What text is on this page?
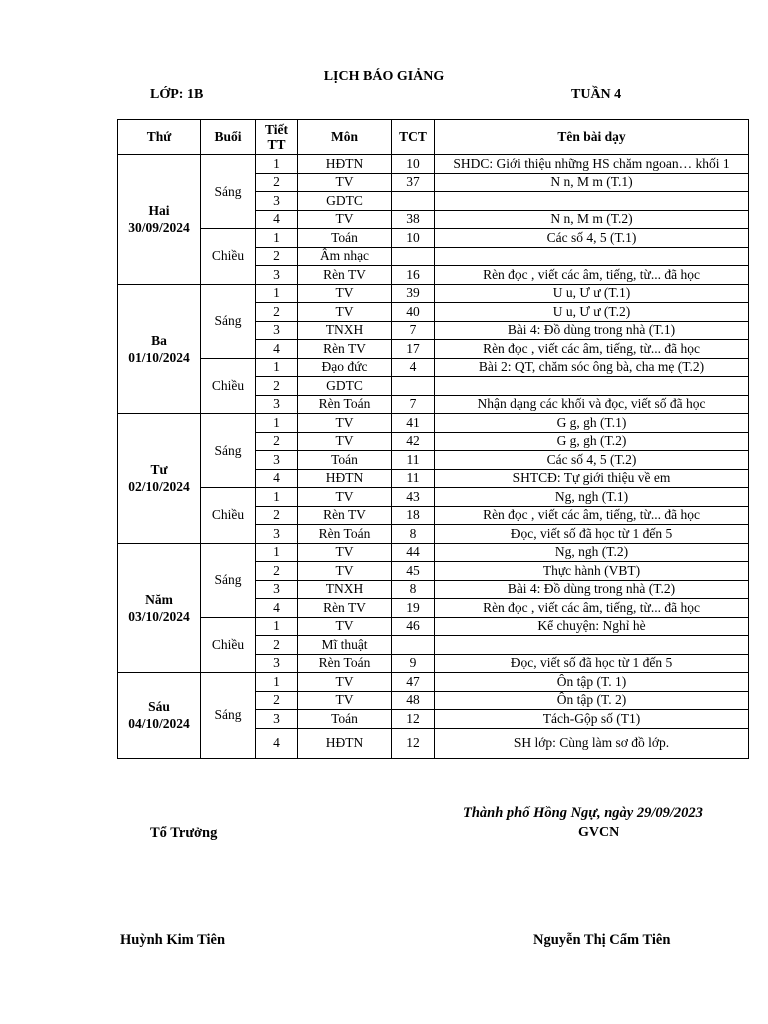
LỊCH BÁO GIẢNG
LỚP: 1B	TUẦN 4
Thứ	Buổi	Tiết TT	Môn	TCT	Tên bài dạy
Hai 30/09/2024	Sáng	1	HĐTN	10	SHDC: Giới thiệu những HS chăm ngoan… khối 1
		2	TV	37	N n, M m (T.1)
		3	GDTC		
		4	TV	38	N n, M m (T.2)
	Chiều	1	Toán	10	Các số 4, 5 (T.1)
		2	Âm nhạc		
		3	Rèn TV	16	Rèn đọc , viết các âm, tiếng, từ... đã học
Ba 01/10/2024	Sáng	1	TV	39	U u, Ư ư (T.1)
		2	TV	40	U u, Ư ư (T.2)
		3	TNXH	7	Bài 4: Đồ dùng trong nhà (T.1)
		4	Rèn TV	17	Rèn đọc , viết các âm, tiếng, từ... đã học
	Chiều	1	Đạo đức	4	Bài 2: QT, chăm sóc ông bà, cha mẹ (T.2)
		2	GDTC		
		3	Rèn Toán	7	Nhận dạng các khối và đọc, viết số đã học
Tư 02/10/2024	Sáng	1	TV	41	G g, gh (T.1)
		2	TV	42	G g, gh (T.2)
		3	Toán	11	Các số 4, 5 (T.2)
		4	HĐTN	11	SHTCĐ: Tự giới thiệu về em
	Chiều	1	TV	43	Ng, ngh (T.1)
		2	Rèn TV	18	Rèn đọc , viết các âm, tiếng, từ... đã học
		3	Rèn Toán	8	Đọc, viết số đã học từ 1 đến 5
Năm 03/10/2024	Sáng	1	TV	44	Ng, ngh (T.2)
		2	TV	45	Thực hành (VBT)
		3	TNXH	8	Bài 4: Đồ dùng trong nhà (T.2)
		4	Rèn TV	19	Rèn đọc , viết các âm, tiếng, từ... đã học
	Chiều	1	TV	46	Kể chuyện: Nghỉ hè
		2	Mĩ thuật		
		3	Rèn Toán	9	Đọc, viết số đã học từ 1 đến 5
Sáu 04/10/2024	Sáng	1	TV	47	Ôn tập (T. 1)
		2	TV	48	Ôn tập (T. 2)
		3	Toán	12	Tách-Gộp số (T1)
		4	HĐTN	12	SH lớp: Cùng làm sơ đồ lớp.
Thành phố Hồng Ngự, ngày 29/09/2023
GVCN
Tổ Trưởng
Huỳnh Kim Tiên	Nguyễn Thị Cẩm Tiên
